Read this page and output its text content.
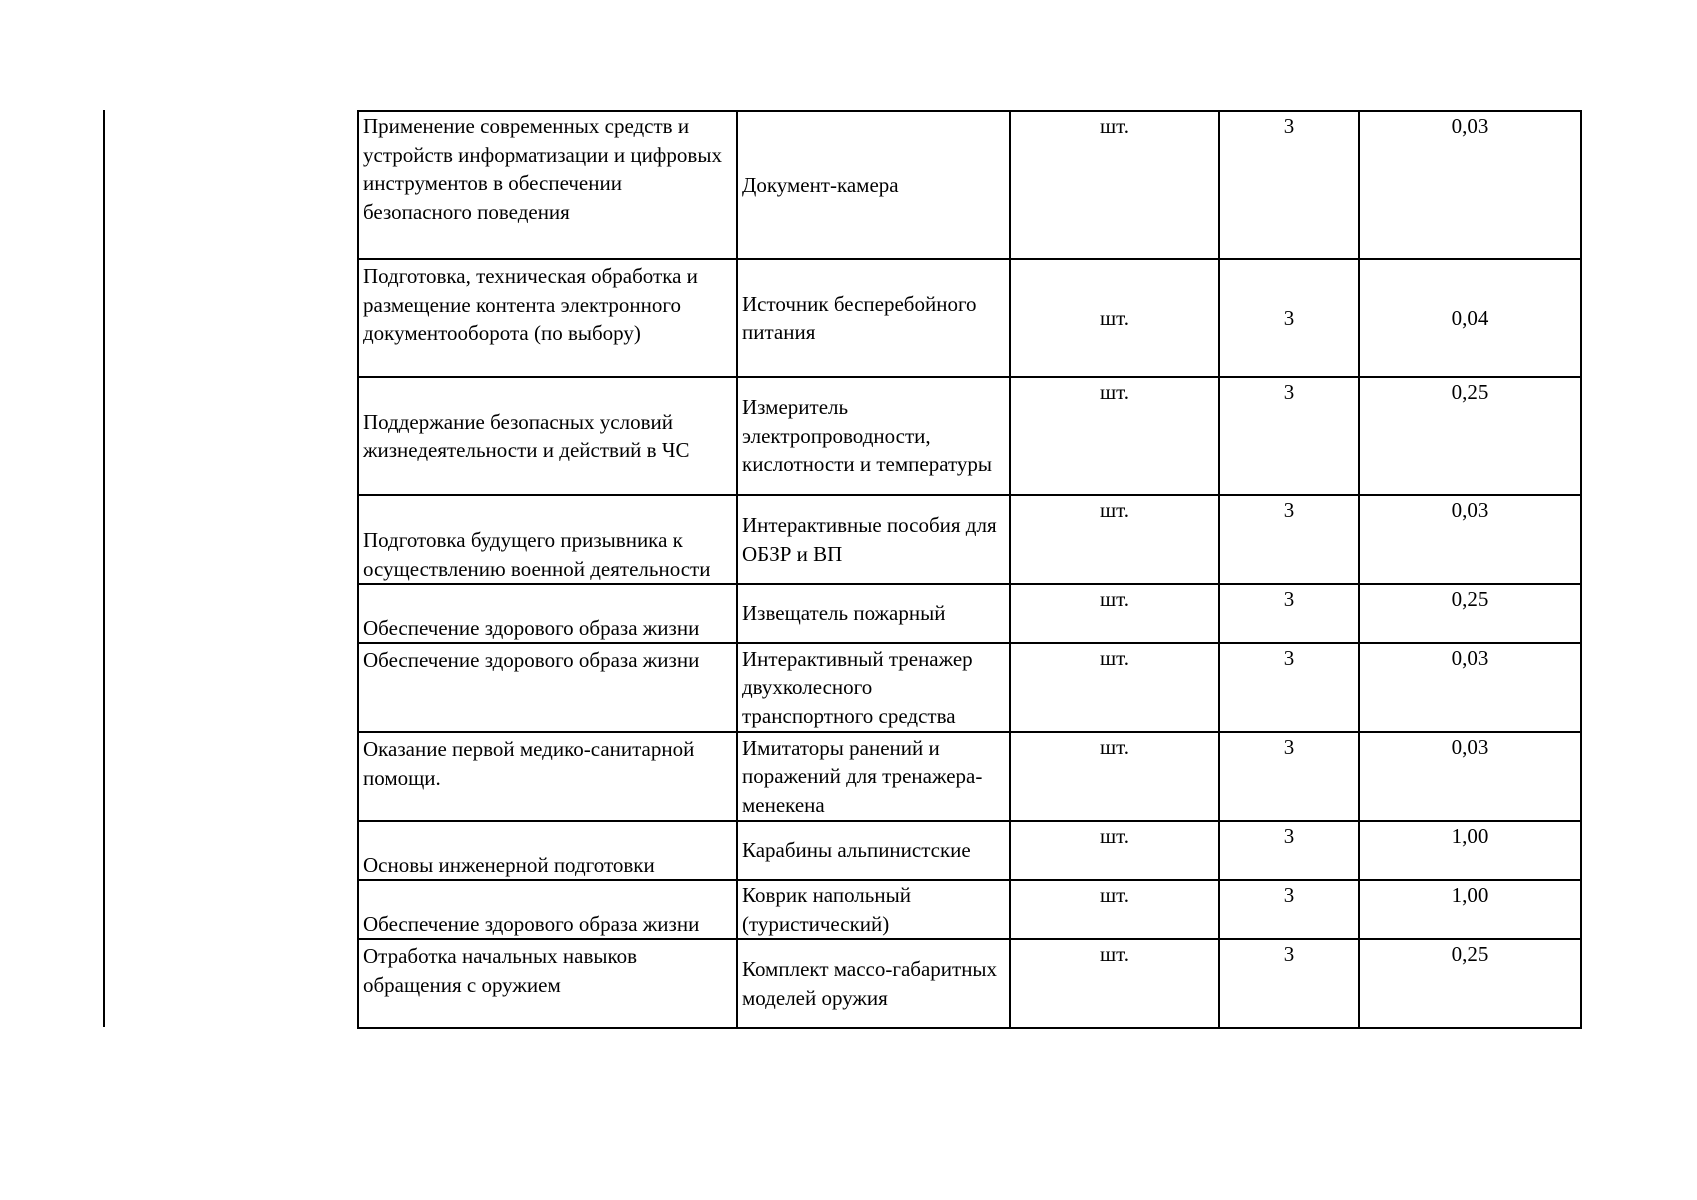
Применение современных средств и устройств информатизации и цифровых инструментов в обеспечении безопасного поведения	Документ-камера	шт.	3	0,03
Подготовка, техническая обработка и размещение контента электронного документооборота (по выбору)	Источник бесперебойного питания	шт.	3	0,04
Поддержание безопасных условий жизнедеятельности и действий в ЧС	Измеритель электропроводности, кислотности и температуры	шт.	3	0,25
Подготовка будущего призывника к осуществлению военной деятельности	Интерактивные пособия для ОБЗР и ВП	шт.	3	0,03
Обеспечение здорового образа жизни	Извещатель пожарный	шт.	3	0,25
Обеспечение здорового образа жизни	Интерактивный тренажер двухколесного транспортного средства	шт.	3	0,03
Оказание первой медико-санитарной помощи.	Имитаторы ранений и поражений для тренажера-менекена	шт.	3	0,03
Основы инженерной подготовки	Карабины альпинистские	шт.	3	1,00
Обеспечение здорового образа жизни	Коврик напольный (туристический)	шт.	3	1,00
Отработка начальных навыков обращения с оружием	Комплект массо-габаритных моделей оружия	шт.	3	0,25
